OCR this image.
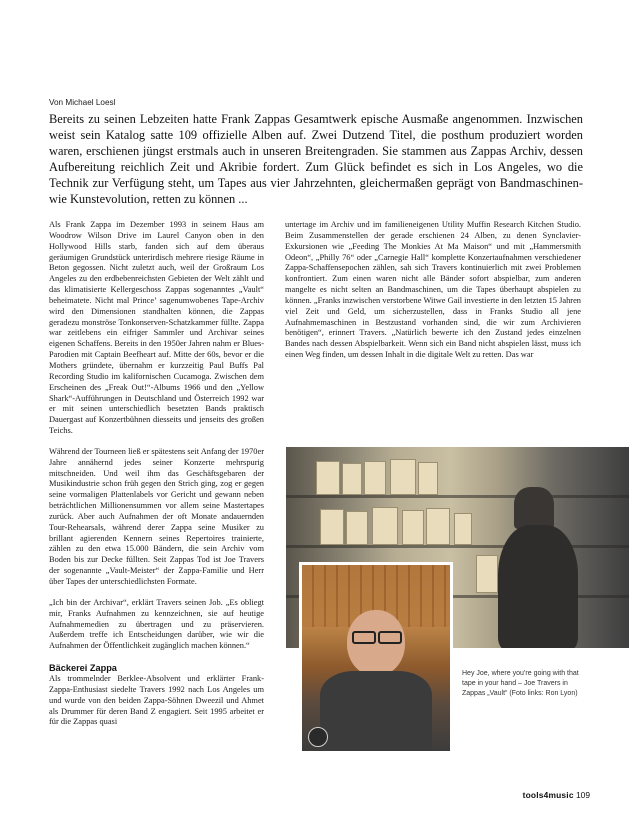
Von Michael Loesl
Bereits zu seinen Lebzeiten hatte Frank Zappas Gesamtwerk epische Ausmaße angenommen. Inzwischen weist sein Katalog satte 109 offizielle Alben auf. Zwei Dutzend Titel, die posthum produziert worden waren, erschienen jüngst erstmals auch in unseren Breitengraden. Sie stammen aus Zappas Archiv, dessen Aufbereitung reichlich Zeit und Akribie fordert. Zum Glück befindet es sich in Los Angeles, wo die Technik zur Verfügung steht, um Tapes aus vier Jahrzehnten, gleichermaßen geprägt von Bandmaschinen- wie Kunstevolution, retten zu können ...

Als Frank Zappa im Dezember 1993 in seinem Haus am Woodrow Wilson Drive im Laurel Canyon oben in den Hollywood Hills starb, fanden sich auf dem überaus geräumigen Grundstück unterirdisch mehrere riesige Räume in Beton gegossen. Nicht zuletzt auch, weil der Großraum Los Angeles zu den erdbebenreichsten Gebieten der Welt zählt und das klimatisierte Kellergeschoss Zappas sogenanntes „Vault“ beheimatete. Nicht mal Prince’ sagenumwobenes Tape-Archiv wird den Dimensionen standhalten können, die Zappas geradezu monströse Tonkonserven-Schatzkammer füllte. Zappa war zeitlebens ein eifriger Sammler und Archivar seines eigenen Schaffens. Bereits in den 1950er Jahren nahm er Blues-Parodien mit Captain Beefheart auf. Mitte der 60s, bevor er die Mothers gründete, übernahm er kurzzeitig Paul Buffs Pal Recording Studio im kalifornischen Cucamoga. Zwischen dem Erscheinen des „Freak Out!“-Albums 1966 und den „Yellow Shark“-Aufführungen in Deutschland und Österreich 1992 war er mit seinen unterschiedlich besetzten Bands praktisch Dauergast auf Konzertbühnen diesseits und jenseits des großen Teichs.

Während der Tourneen ließ er spätestens seit Anfang der 1970er Jahre annähernd jedes seiner Konzerte mehrspurig mitschneiden. Und weil ihm das Geschäftsgebaren der Musikindustrie schon früh gegen den Strich ging, zog er gegen seine vormaligen Plattenlabels vor Gericht und gewann neben beträchtlichen Millionensummen vor allem seine Mastertapes zurück. Aber auch Aufnahmen der oft Monate andauernden Tour-Rehearsals, während derer Zappa seine Musiker zu brillant agierenden Kennern seines Repertoires trainierte, zählen zu den etwa 15.000 Bändern, die sein Archiv vom Boden bis zur Decke füllten. Seit Zappas Tod ist Joe Travers der sogenannte „Vault-Meister“ der Zappa-Familie und Herr über Tapes der unterschiedlichsten Formate.

„Ich bin der Archivar“, erklärt Travers seinen Job. „Es obliegt mir, Franks Aufnahmen zu kennzeichnen, sie auf heutige Aufnahmemedien zu übertragen und zu präservieren. Außerdem treffe ich Entscheidungen darüber, wie wir die Aufnahmen der Öffentlichkeit zugänglich machen können.“

Bäckerei Zappa

Als trommelnder Berklee-Absolvent und erklärter Frank-Zappa-Enthusiast siedelte Travers 1992 nach Los Angeles um und wurde von den beiden Zappa-Söhnen Dweezil und Ahmet als Drummer für deren Band Z engagiert. Seit 1995 arbeitet er für die Zappas quasi

untertage im Archiv und im familieneigenen Utility Muffin Research Kitchen Studio. Beim Zusammenstellen der gerade erschienen 24 Alben, zu denen Synclavier-Exkursionen wie „Feeding The Monkies At Ma Maison“ und mit „Hammersmith Odeon“, „Philly 76“ oder „Carnegie Hall“ komplette Konzertaufnahmen verschiedener Zappa-Schaffensepochen zählen, sah sich Travers kontinuierlich mit zwei Problemen konfrontiert. Zum einen waren nicht alle Bänder sofort abspielbar, zum anderen mangelte es nicht selten an Bandmaschinen, um die Tapes überhaupt abspielen zu können. „Franks inzwischen verstorbene Witwe Gail investierte in den letzten 15 Jahren viel Zeit und Geld, um sicherzustellen, dass in Franks Studio all jene Aufnahmemaschinen in Bestzustand vorhanden sind, die wir zum Archivieren benötigen“, erinnert Travers. „Natürlich bewerte ich den Zustand jedes einzelnen Bandes nach dessen Abspielbarkeit. Wenn sich ein Band nicht abspielen lässt, muss ich einen Weg finden, um dessen Inhalt in die digitale Welt zu retten. Das war

Hey Joe, where you’re going with that tape in your hand – Joe Travers in Zappas „Vault“ (Foto links: Ron Lyon)
tools4music 109
